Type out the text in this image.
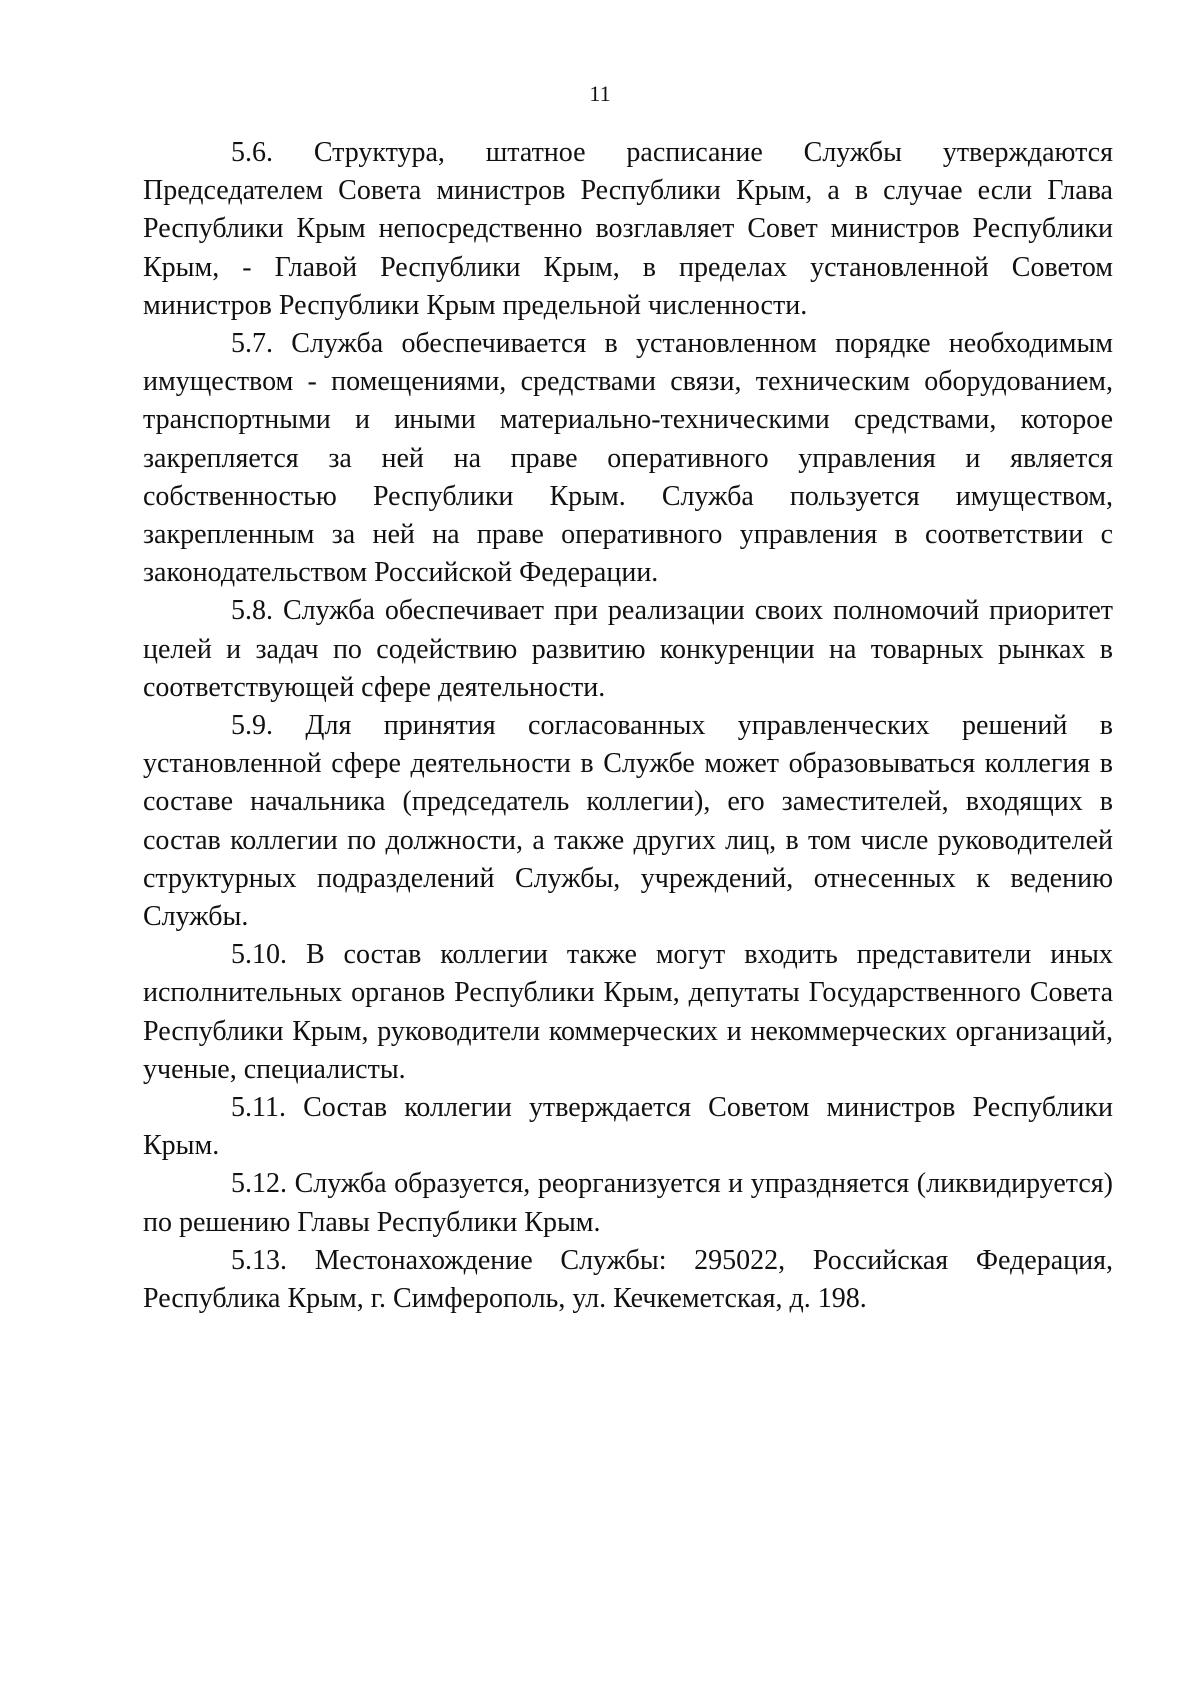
11

5.6. Структура, штатное расписание Службы утверждаются Председателем Совета министров Республики Крым, а в случае если Глава Республики Крым непосредственно возглавляет Совет министров Республики Крым, - Главой Республики Крым, в пределах установленной Советом министров Республики Крым предельной численности.

5.7. Служба обеспечивается в установленном порядке необходимым имуществом - помещениями, средствами связи, техническим оборудованием, транспортными и иными материально-техническими средствами, которое закрепляется за ней на праве оперативного управления и является собственностью Республики Крым. Служба пользуется имуществом, закрепленным за ней на праве оперативного управления в соответствии с законодательством Российской Федерации.

5.8. Служба обеспечивает при реализации своих полномочий приоритет целей и задач по содействию развитию конкуренции на товарных рынках в соответствующей сфере деятельности.

5.9. Для принятия согласованных управленческих решений в установленной сфере деятельности в Службе может образовываться коллегия в составе начальника (председатель коллегии), его заместителей, входящих в состав коллегии по должности, а также других лиц, в том числе руководителей структурных подразделений Службы, учреждений, отнесенных к ведению Службы.

5.10. В состав коллегии также могут входить представители иных исполнительных органов Республики Крым, депутаты Государственного Совета Республики Крым, руководители коммерческих и некоммерческих организаций, ученые, специалисты.

5.11. Состав коллегии утверждается Советом министров Республики Крым.

5.12. Служба образуется, реорганизуется и упраздняется (ликвидируется) по решению Главы Республики Крым.

5.13. Местонахождение Службы: 295022, Российская Федерация, Республика Крым, г. Симферополь, ул. Кечкеметская, д. 198.
